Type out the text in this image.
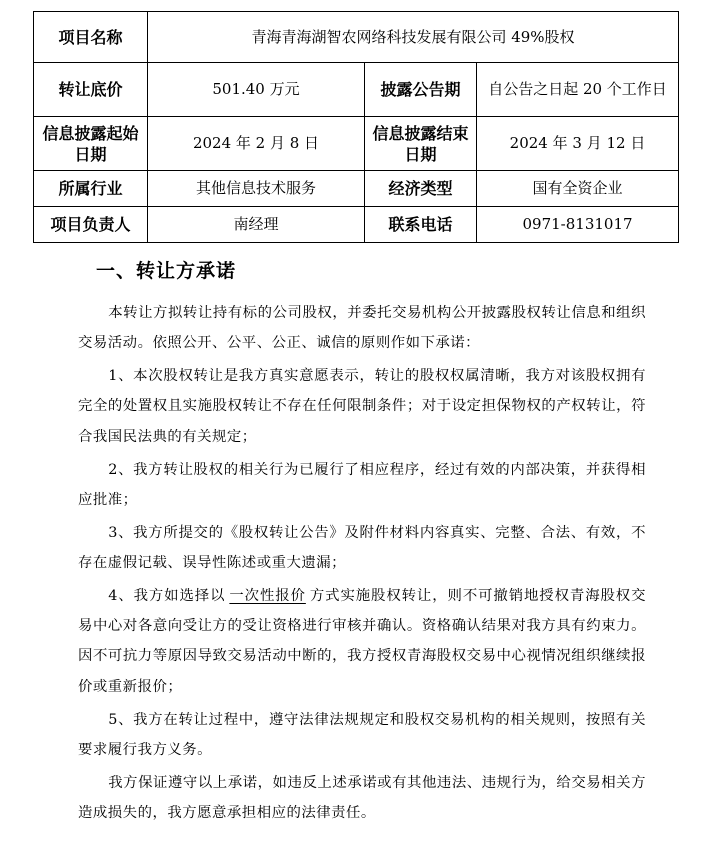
项目名称	青海青海湖智农网络科技发展有限公司 49%股权		
转让底价	501.40 万元	披露公告期	自公告之日起 20 个工作日
信息披露起始日期	2024 年 2 月 8 日	信息披露结束日期	2024 年 3 月 12 日
所属行业	其他信息技术服务	经济类型	国有全资企业
项目负责人	南经理	联系电话	0971-8131017
一、转让方承诺

本转让方拟转让持有标的公司股权，并委托交易机构公开披露股权转让信息和组织交易活动。依照公开、公平、公正、诚信的原则作如下承诺：

1、本次股权转让是我方真实意愿表示，转让的股权权属清晰，我方对该股权拥有完全的处置权且实施股权转让不存在任何限制条件；对于设定担保物权的产权转让，符合我国民法典的有关规定；

2、我方转让股权的相关行为已履行了相应程序，经过有效的内部决策，并获得相应批准；

3、我方所提交的《股权转让公告》及附件材料内容真实、完整、合法、有效，不存在虚假记载、误导性陈述或重大遗漏；

4、我方如选择以 一次性报价 方式实施股权转让，则不可撤销地授权青海股权交易中心对各意向受让方的受让资格进行审核并确认。资格确认结果对我方具有约束力。因不可抗力等原因导致交易活动中断的，我方授权青海股权交易中心视情况组织继续报价或重新报价；

5、我方在转让过程中，遵守法律法规规定和股权交易机构的相关规则，按照有关要求履行我方义务。

我方保证遵守以上承诺，如违反上述承诺或有其他违法、违规行为，给交易相关方造成损失的，我方愿意承担相应的法律责任。
